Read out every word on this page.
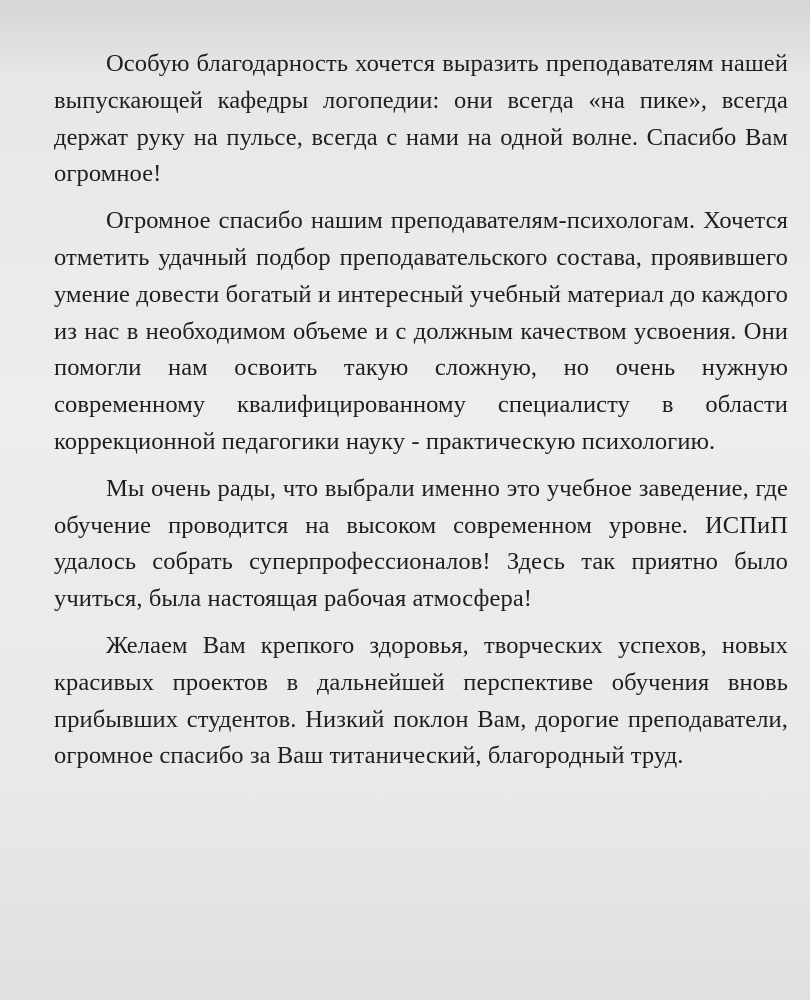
Особую благодарность хочется выразить преподавателям нашей выпускающей кафедры логопедии: они всегда «на пике», всегда держат руку на пульсе, всегда с нами на одной волне. Спасибо Вам огромное!

Огромное спасибо нашим преподавателям-психологам. Хочется отметить удачный подбор преподавательского состава, проявившего умение довести богатый и интересный учебный материал до каждого из нас в необходимом объеме и с должным качеством усвоения. Они помогли нам освоить такую сложную, но очень нужную современному квалифицированному специалисту в области коррекционной педагогики науку - практическую психологию.

Мы очень рады, что выбрали именно это учебное заведение, где обучение проводится на высоком современном уровне. ИСПиП удалось собрать суперпрофессионалов! Здесь так приятно было учиться, была настоящая рабочая атмосфера!

Желаем Вам крепкого здоровья, творческих успехов, новых красивых проектов в дальнейшей перспективе обучения вновь прибывших студентов. Низкий поклон Вам, дорогие преподаватели, огромное спасибо за Ваш титанический, благородный труд.
